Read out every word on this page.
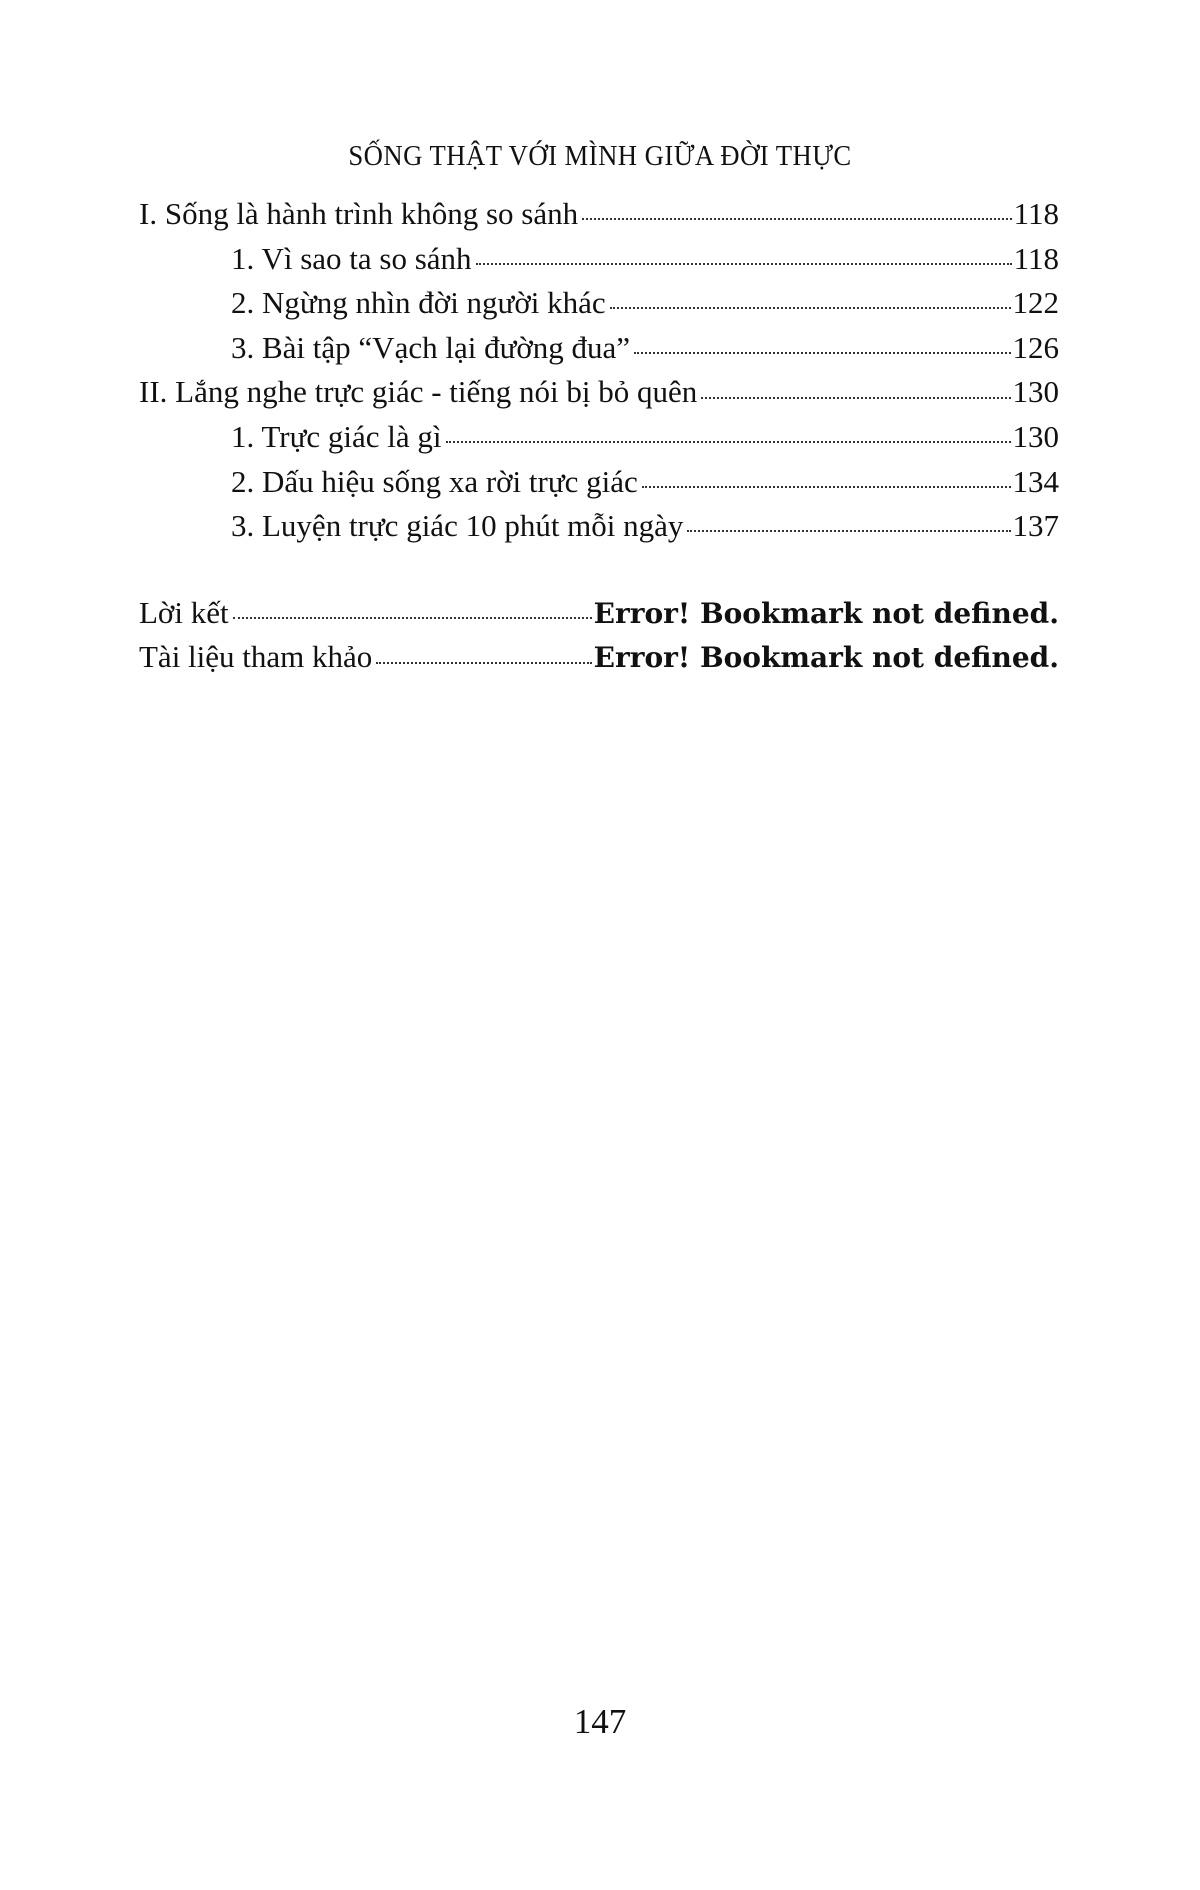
SỐNG THẬT VỚI MÌNH GIỮA ĐỜI THỰC
I. Sống là hành trình không so sánh	118
1. Vì sao ta so sánh	118
2. Ngừng nhìn đời người khác	122
3. Bài tập “Vạch lại đường đua”	126
II. Lắng nghe trực giác - tiếng nói bị bỏ quên	130
1. Trực giác là gì	130
2. Dấu hiệu sống xa rời trực giác	134
3. Luyện trực giác 10 phút mỗi ngày	137
Lời kết	Error! Bookmark not defined.
Tài liệu tham khảo	Error! Bookmark not defined.
147
